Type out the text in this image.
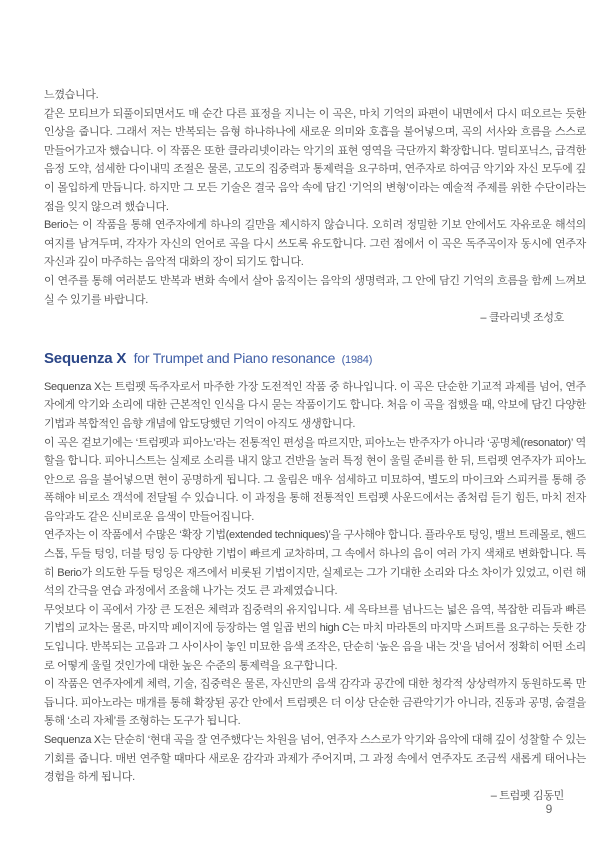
느꼈습니다.

같은 모티브가 되풀이되면서도 매 순간 다른 표정을 지니는 이 곡은, 마치 기억의 파편이 내면에서 다시 떠오르는 듯한 인상을 줍니다. 그래서 저는 반복되는 음형 하나하나에 새로운 의미와 호흡을 불어넣으며, 곡의 서사와 흐름을 스스로 만들어가고자 했습니다. 이 작품은 또한 클라리넷이라는 악기의 표현 영역을 극단까지 확장합니다. 멀티포닉스, 급격한 음정 도약, 섬세한 다이내믹 조절은 물론, 고도의 집중력과 통제력을 요구하며, 연주자로 하여금 악기와 자신 모두에 깊이 몰입하게 만듭니다. 하지만 그 모든 기술은 결국 음악 속에 담긴 ‘기억의 변형’이라는 예술적 주제를 위한 수단이라는 점을 잊지 않으려 했습니다.

Berio는 이 작품을 통해 연주자에게 하나의 길만을 제시하지 않습니다. 오히려 정밀한 기보 안에서도 자유로운 해석의 여지를 남겨두며, 각자가 자신의 언어로 곡을 다시 쓰도록 유도합니다. 그런 점에서 이 곡은 독주곡이자 동시에 연주자 자신과 깊이 마주하는 음악적 대화의 장이 되기도 합니다.

이 연주를 통해 여러분도 반복과 변화 속에서 살아 움직이는 음악의 생명력과, 그 안에 담긴 기억의 흐름을 함께 느껴보실 수 있기를 바랍니다.

– 클라리넷 조성호

Sequenza X for Trumpet and Piano resonance (1984)

Sequenza X는 트럼펫 독주자로서 마주한 가장 도전적인 작품 중 하나입니다. 이 곡은 단순한 기교적 과제를 넘어, 연주자에게 악기와 소리에 대한 근본적인 인식을 다시 묻는 작품이기도 합니다. 처음 이 곡을 접했을 때, 악보에 담긴 다양한 기법과 복합적인 음향 개념에 압도당했던 기억이 아직도 생생합니다.

이 곡은 겉보기에는 ‘트럼펫과 피아노’라는 전통적인 편성을 따르지만, 피아노는 반주자가 아니라 ‘공명체(resonator)’ 역할을 합니다. 피아니스트는 실제로 소리를 내지 않고 건반을 눌러 특정 현이 울릴 준비를 한 뒤, 트럼펫 연주자가 피아노 안으로 음을 불어넣으면 현이 공명하게 됩니다. 그 울림은 매우 섬세하고 미묘하여, 별도의 마이크와 스피커를 통해 증폭해야 비로소 객석에 전달될 수 있습니다. 이 과정을 통해 전통적인 트럼펫 사운드에서는 좀처럼 듣기 힘든, 마치 전자음악과도 같은 신비로운 음색이 만들어집니다.

연주자는 이 작품에서 수많은 ‘확장 기법(extended techniques)’을 구사해야 합니다. 플라우토 텅잉, 밸브 트레몰로, 핸드 스톱, 두들 텅잉, 더블 텅잉 등 다양한 기법이 빠르게 교차하며, 그 속에서 하나의 음이 여러 가지 색채로 변화합니다. 특히 Berio가 의도한 두들 텅잉은 재즈에서 비롯된 기법이지만, 실제로는 그가 기대한 소리와 다소 차이가 있었고, 이런 해석의 간극을 연습 과정에서 조율해 나가는 것도 큰 과제였습니다.

무엇보다 이 곡에서 가장 큰 도전은 체력과 집중력의 유지입니다. 세 옥타브를 넘나드는 넓은 음역, 복잡한 리듬과 빠른 기법의 교차는 물론, 마지막 페이지에 등장하는 열 일곱 번의 high C는 마치 마라톤의 마지막 스퍼트를 요구하는 듯한 강도입니다. 반복되는 고음과 그 사이사이 놓인 미묘한 음색 조작은, 단순히 ‘높은 음을 내는 것’을 넘어서 정확히 어떤 소리로 어떻게 울릴 것인가에 대한 높은 수준의 통제력을 요구합니다.

이 작품은 연주자에게 체력, 기술, 집중력은 물론, 자신만의 음색 감각과 공간에 대한 청각적 상상력까지 동원하도록 만듭니다. 피아노라는 매개를 통해 확장된 공간 안에서 트럼펫은 더 이상 단순한 금관악기가 아니라, 진동과 공명, 숨결을 통해 ‘소리 자체’를 조형하는 도구가 됩니다.

Sequenza X는 단순히 ‘현대 곡을 잘 연주했다’는 차원을 넘어, 연주자 스스로가 악기와 음악에 대해 깊이 성찰할 수 있는 기회를 줍니다. 매번 연주할 때마다 새로운 감각과 과제가 주어지며, 그 과정 속에서 연주자도 조금씩 새롭게 태어나는 경험을 하게 됩니다.

– 트럼펫 김동민

9
